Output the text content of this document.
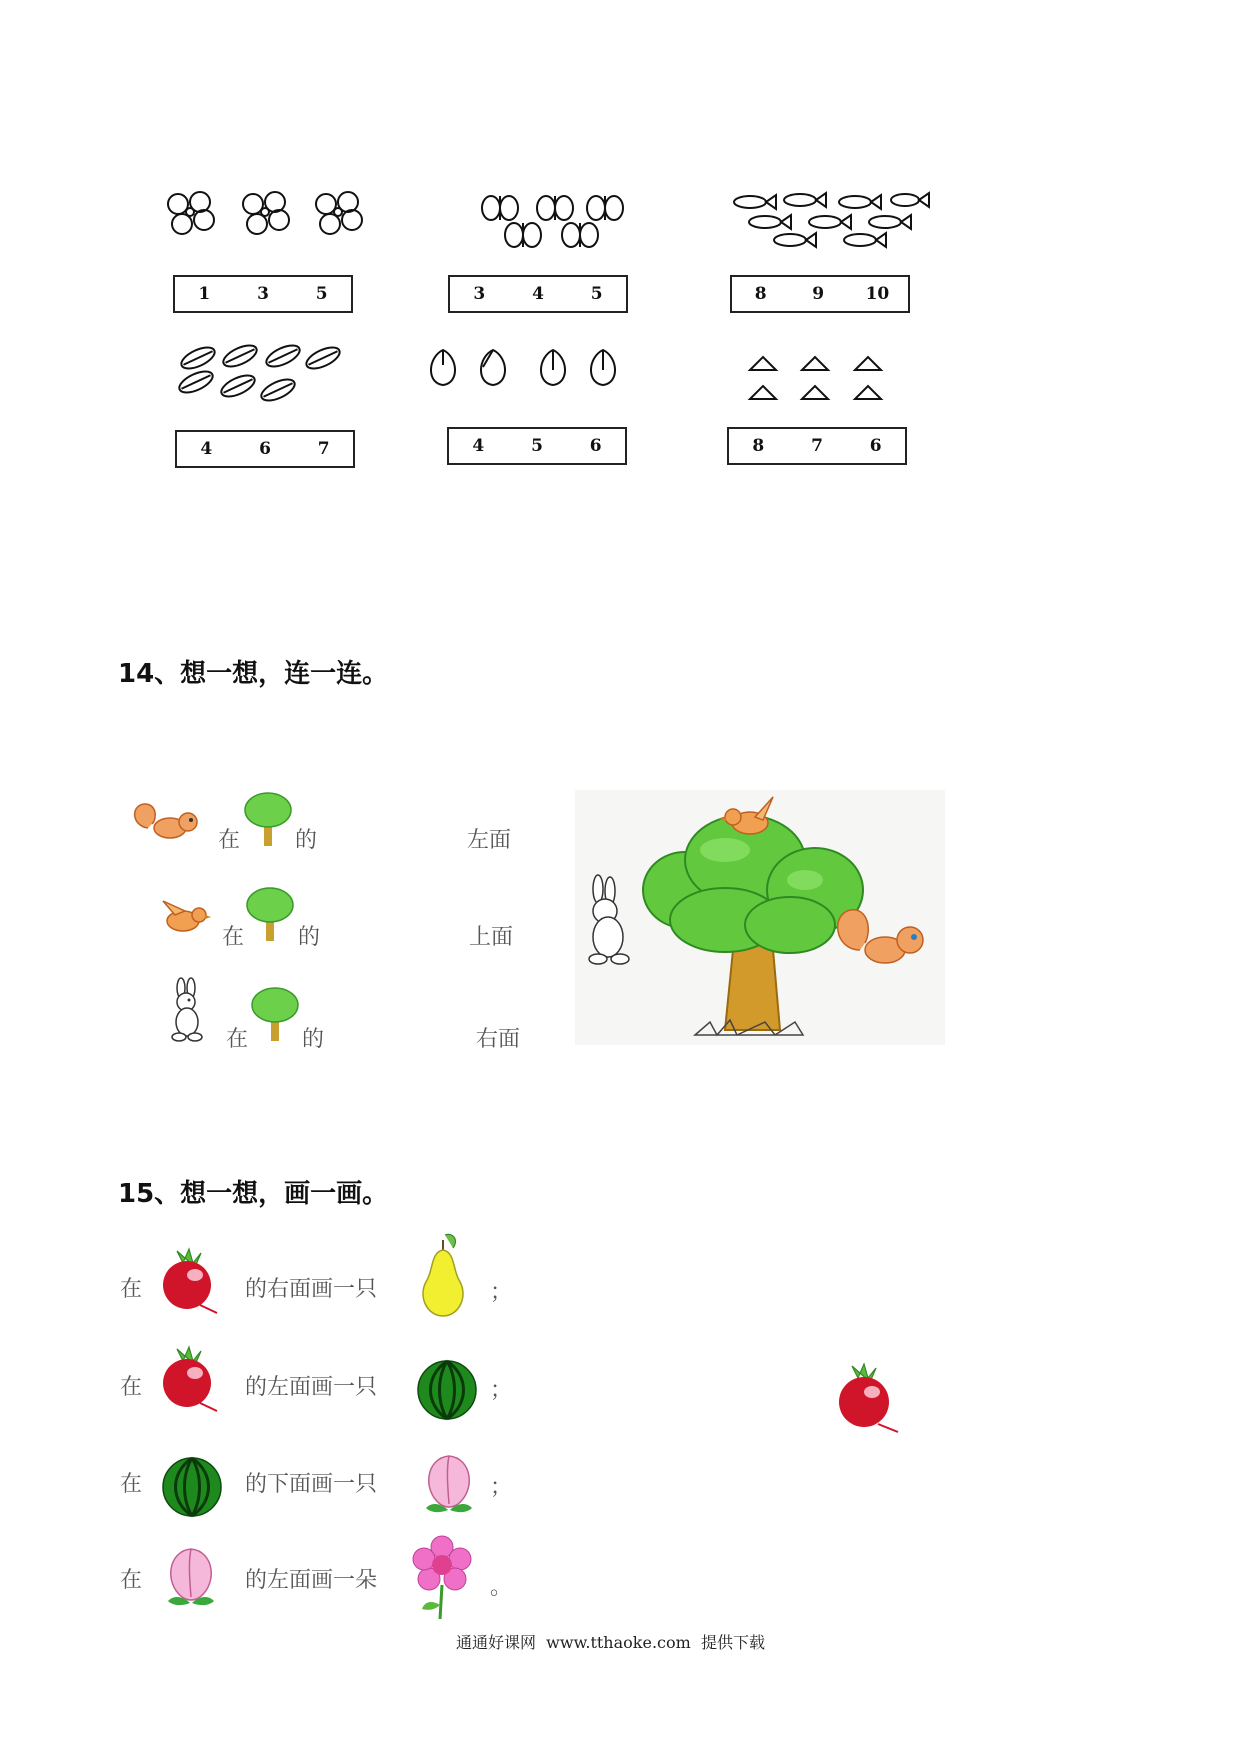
1	3	5	3	4	5	8	9 10
4	6	7	4	5	6	8	7	6
14、想一想，连一连。
在 的
在 的
在 的
左面
上面
右面
15、想一想，画一画。
在	的右面画一只	；
在	的左面画一只	；
在	的下面画一只	；
在	的左面画一朵	。
通通好课网  www.tthaoke.com  提供下载
